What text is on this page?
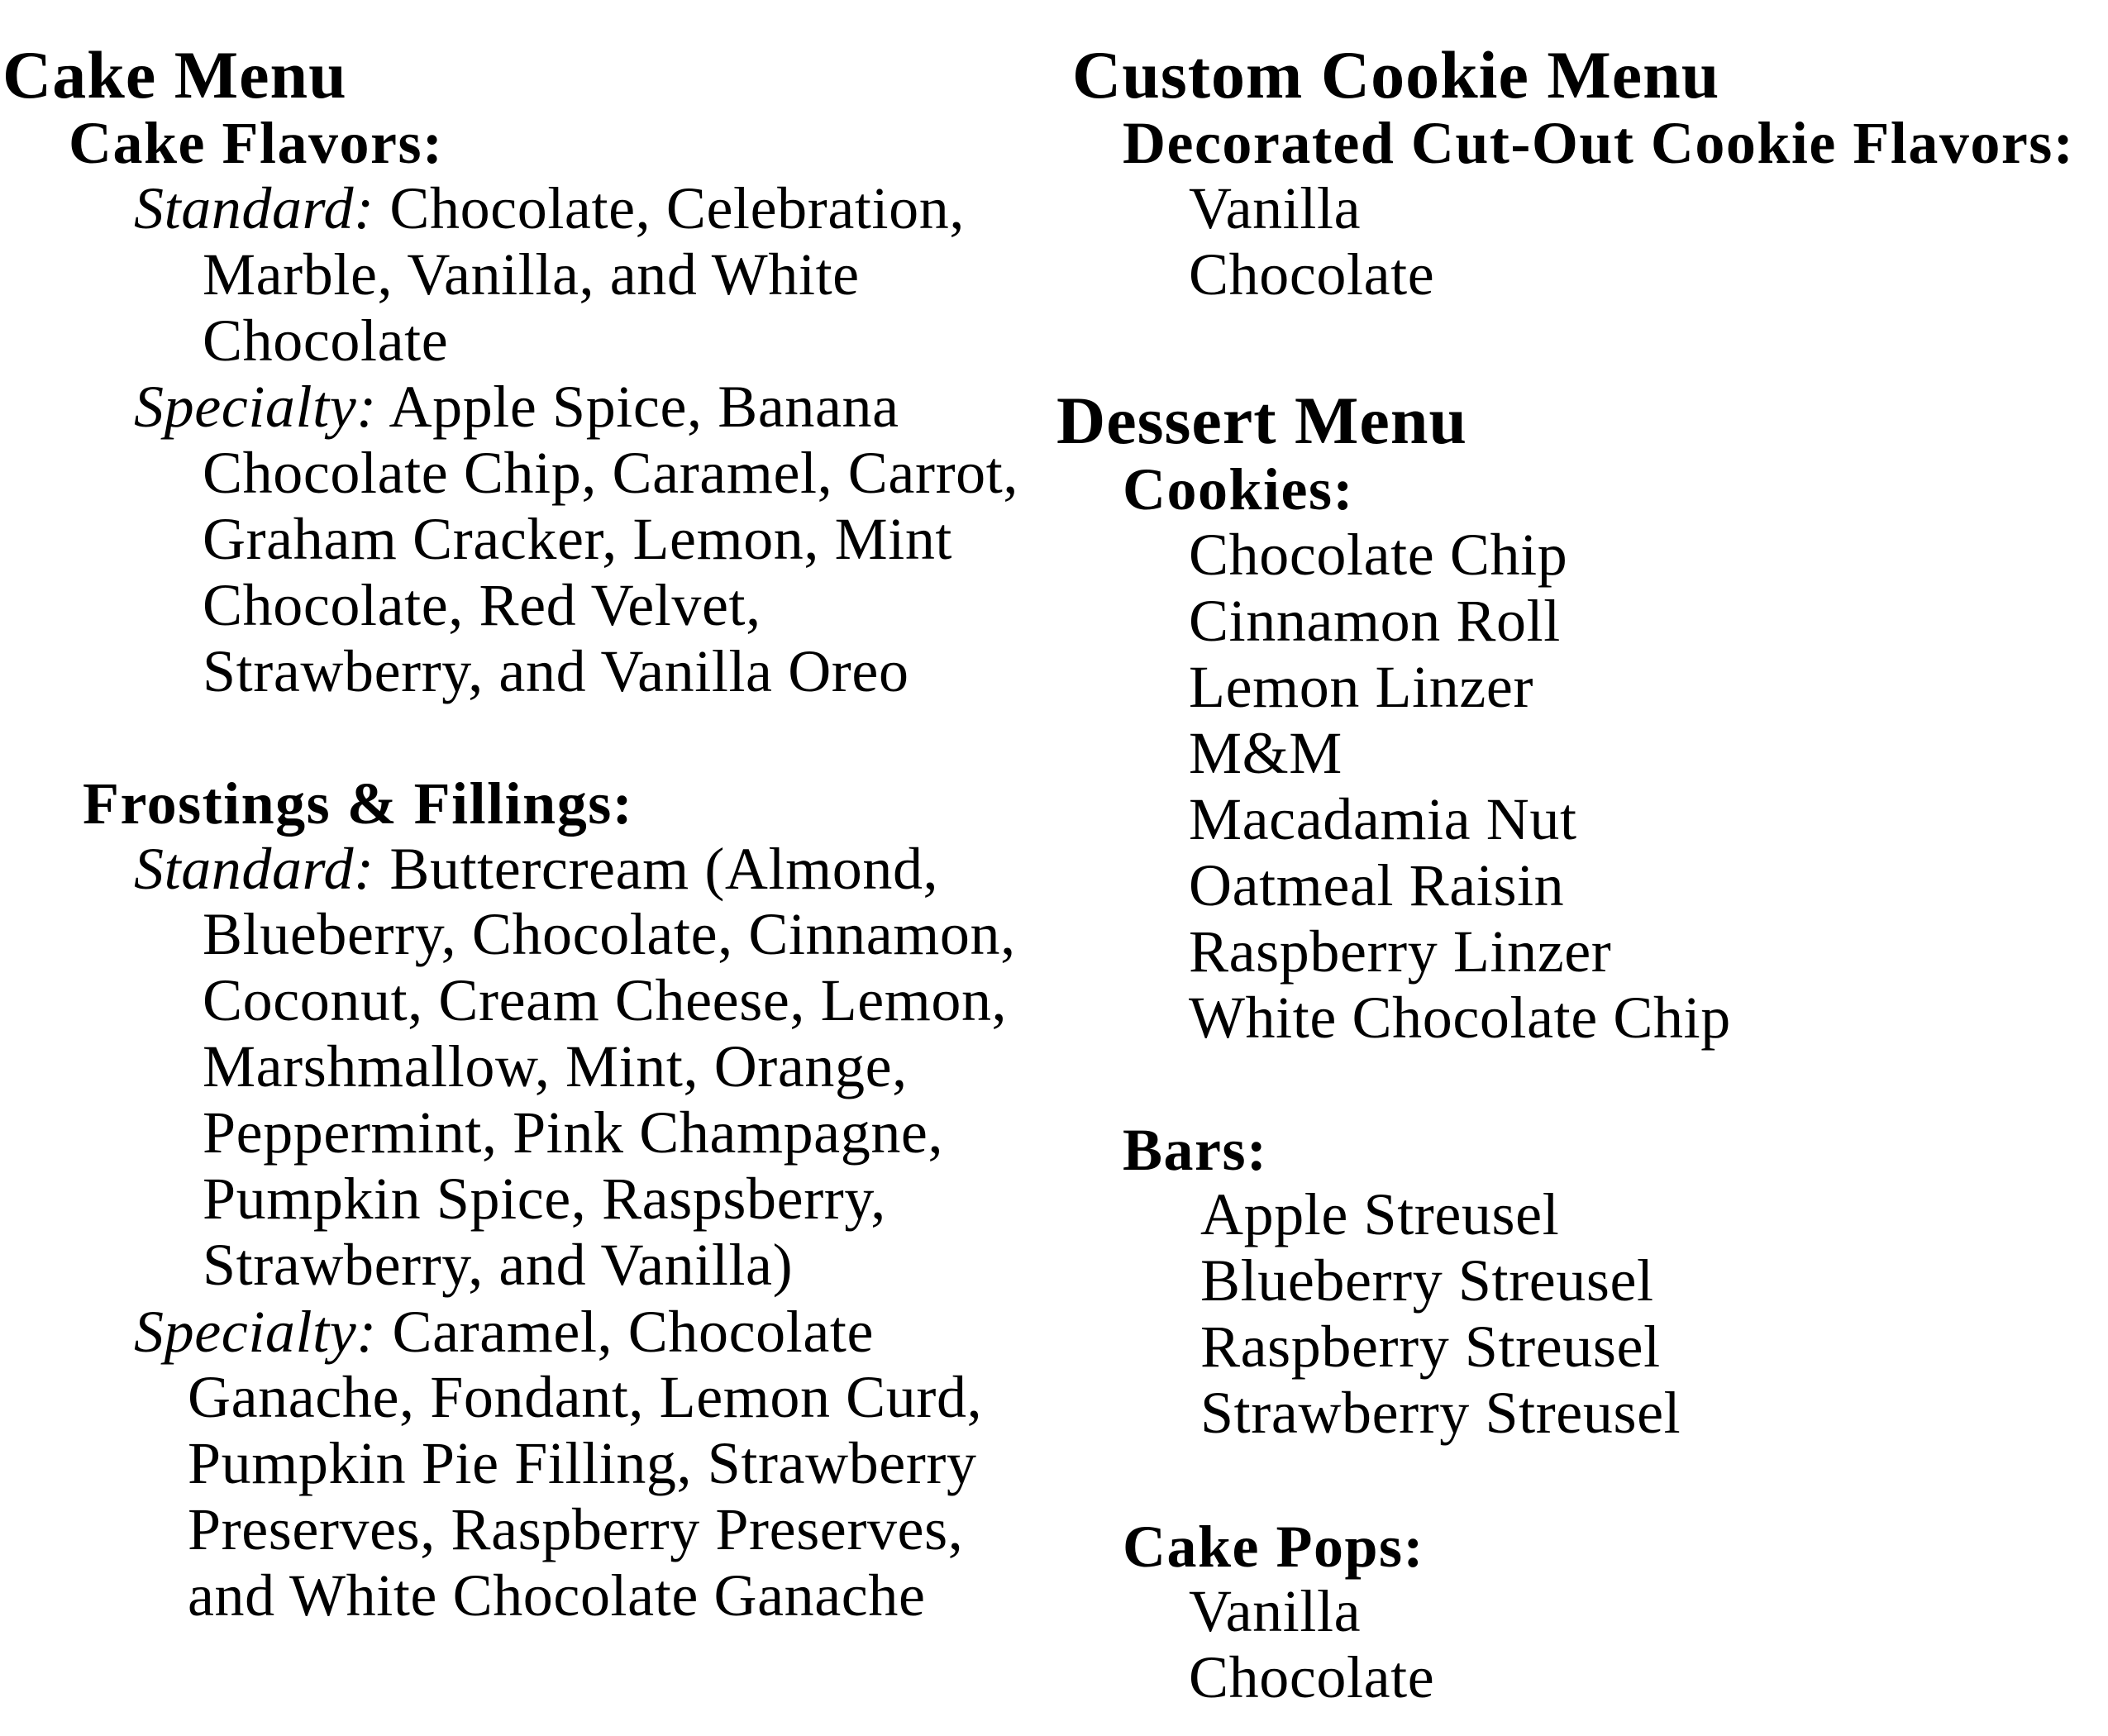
Cake Menu
Cake Flavors:
Standard: Chocolate, Celebration,
Marble, Vanilla, and White
Chocolate
Specialty: Apple Spice, Banana
Chocolate Chip, Caramel, Carrot,
Graham Cracker, Lemon, Mint
Chocolate, Red Velvet,
Strawberry, and Vanilla Oreo
Frostings & Fillings:
Standard: Buttercream (Almond,
Blueberry, Chocolate, Cinnamon,
Coconut, Cream Cheese, Lemon,
Marshmallow, Mint, Orange,
Peppermint, Pink Champagne,
Pumpkin Spice, Raspsberry,
Strawberry, and Vanilla)
Specialty: Caramel, Chocolate
Ganache, Fondant, Lemon Curd,
Pumpkin Pie Filling, Strawberry
Preserves, Raspberry Preserves,
and White Chocolate Ganache
Custom Cookie Menu
Decorated Cut-Out Cookie Flavors:
Vanilla
Chocolate
Dessert Menu
Cookies:
Chocolate Chip
Cinnamon Roll
Lemon Linzer
M&M
Macadamia Nut
Oatmeal Raisin
Raspberry Linzer
White Chocolate Chip
Bars:
Apple Streusel
Blueberry Streusel
Raspberry Streusel
Strawberry Streusel
Cake Pops:
Vanilla
Chocolate
